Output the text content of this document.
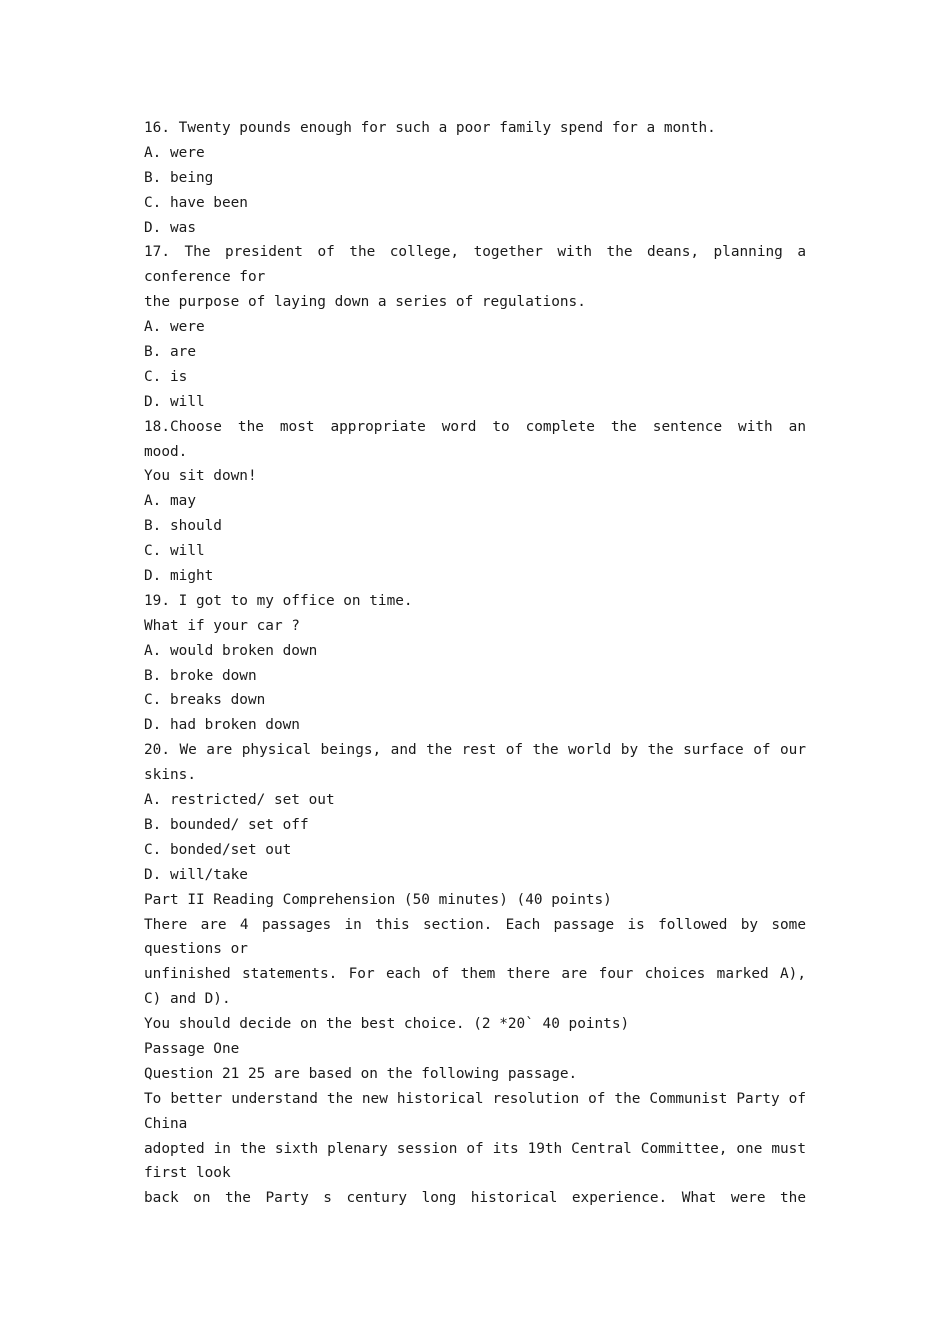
16. Twenty pounds enough for such a poor family spend for a month.
A. were
B. being
C. have been
D. was
17. The president of the college, together with the deans, planning a
conference for
the purpose of laying down a series of regulations.
A. were
B. are
C. is
D. will
18.Choose the most appropriate word to complete the sentence with an
mood.
You sit down!
A. may
B. should
C. will
D. might
19. I got to my office on time.
What if your car ?
A. would broken down
B. broke down
C. breaks down
D. had broken down
20. We are physical beings, and the rest of the world by the surface of our
skins.
A. restricted/ set out
B. bounded/ set off
C. bonded/set out
D. will/take
Part II Reading Comprehension (50 minutes) (40 points)
There are 4 passages in this section. Each passage is followed by some
questions or
unfinished statements. For each of them there are four choices marked A),
C) and D).
You should decide on the best choice. (2 *20` 40 points)
Passage One
Question 21 25 are based on the following passage.
To better understand the new historical resolution of the Communist Party of
China
adopted in the sixth plenary session of its 19th Central Committee, one must
first look
back on the Party s century long historical experience. What were the
